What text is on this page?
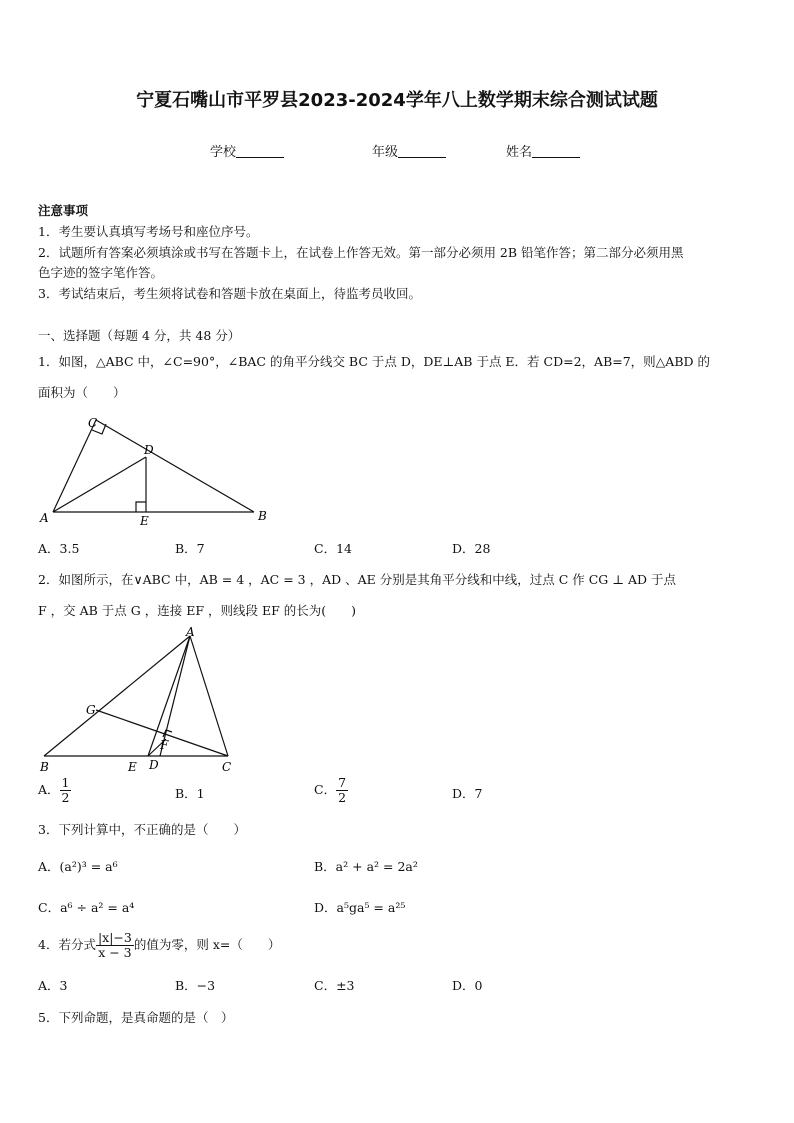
宁夏石嘴山市平罗县2023-2024学年八上数学期末综合测试试题
学校	年级	姓名
注意事项
1．考生要认真填写考场号和座位序号。
2．试题所有答案必须填涂或书写在答题卡上，在试卷上作答无效。第一部分必须用 2B 铅笔作答；第二部分必须用黑
色字迹的签字笔作答。
3．考试结束后，考生须将试卷和答题卡放在桌面上，待监考员收回。
一、选择题（每题 4 分，共 48 分）
1．如图，△ABC 中，∠C=90°，∠BAC 的角平分线交 BC 于点 D，DE⊥AB 于点 E．若 CD=2，AB=7，则△ABD 的
面积为（　　）
C
D
A	E	B
A．3.5	B．7	C．14	D．28
2．如图所示，在∨ABC 中，AB = 4 ，AC = 3 ，AD 、AE 分别是其角平分线和中线，过点 C 作 CG ⊥ AD 于点
F ，交 AB 于点 G ，连接 EF ，则线段 EF 的长为(　　)
A
G
F
B	E D	C
A． $\frac{1}{2}$	B．1	C． $\frac{7}{2}$	D．7
3．下列计算中，不正确的是（　　）
A．(a²)³ = a⁶	B．a² + a² = 2a²
C．a⁶ ÷ a² = a⁴	D．a⁵ga⁵ = a²⁵
4．若分式 $\frac{|x|-3}{x - 3}$ 的值为零，则 x=（　　）
A．3	B．−3	C．±3	D．0
5．下列命题，是真命题的是（　）
